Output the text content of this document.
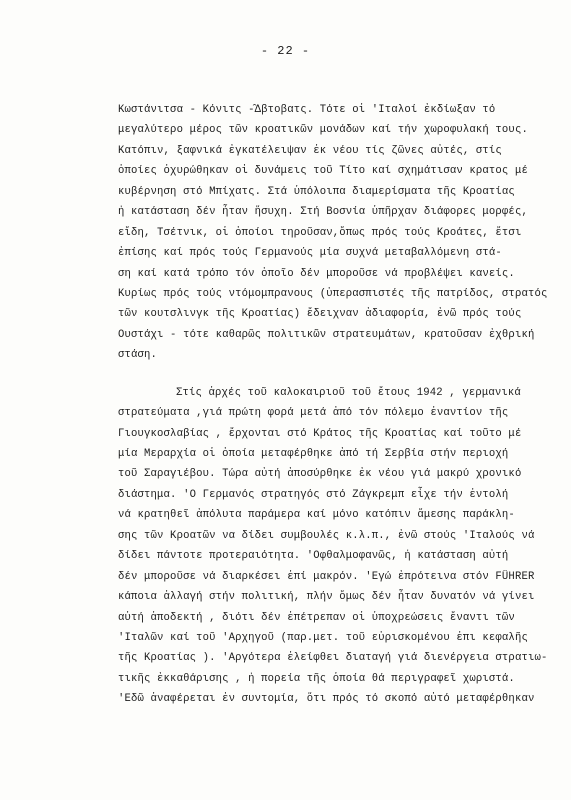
- 22 -
Κωστάνιτσα - Κόνιτς -̂Δβτοβατς. Τότε οἱ 'Ιταλοί ἐκδίωξαν τό
μεγαλύτερο μέρος τῶν κροατικῶν μονάδων καί τήν χωροφυλακή τους.
Κατόπιν, ξαφνικά ἐγκατέλειψαν ἐκ νέου τίς ζῶνες αὐτές, στίς
ὁποίες ὀχυρώθηκαν οἱ δυνάμεις τοῦ Τίτο καί σχημάτισαν κρατος μέ
κυβέρνηση στό Μπίχατς. Στά ὑπόλοιπα διαμερίσματα τῆς Κροατίας
ἡ κατάσταση δέν ἦταν ἥσυχη. Στή Βοσνία ὑπῆρχαν διάφορες μορφές,
εἴδη, Τσέτνικ, οἱ ὁποίοι τηροῦσαν,ὅπως πρός τούς Κροάτες, ἔτσι
ἐπίσης καί πρός τούς Γερμανούς μία συχνά μεταβαλλόμενη στά-
ση καί κατά τρόπο τόν ὁποῖο δέν μποροῦσε νά προβλέψει κανείς.
Κυρίως πρός τούς ντόμομπρανους (ὑπερασπιστές τῆς πατρίδος, στρατός
τῶν κουτσλινγκ τῆς Κροατίας) ἔδειχναν ἀδιαφορία, ἐνῶ πρός τούς
Ουστάχι - τότε καθαρῶς πολιτικῶν στρατευμάτων, κρατοῦσαν ἐχθρική
στάση.
Στίς ἀρχές τοῦ καλοκαιριοῦ τοῦ ἔτους 1942 , γερμανικά
στρατεύματα ,γιά πρώτη φορά μετά ἀπό τόν πόλεμο ἐναντίον τῆς
Γιουγκοσλαβίας , ἔρχονται στό Κράτος τῆς Κροατίας καί τοῦτο μέ
μία Μεραρχία οἱ ὁποία μεταφέρθηκε ἀπό τή Σερβία στήν περιοχή
τοῦ Σαραγιέβου. Τώρα αὐτή ἀποσύρθηκε ἐκ νέου γιά μακρύ χρονικό
διάστημα. 'Ο Γερμανός στρατηγός στό Ζάγκρεμπ εἶχε τήν ἐντολή
νά κρατηθεῖ ἀπόλυτα παράμερα καί μόνο κατόπιν ἄμεσης παράκλη-
σης τῶν Κροατῶν να δίδει συμβουλές κ.λ.π., ἐνῶ στούς 'Ιταλούς νά
δίδει πάντοτε προτεραιότητα. 'Οφθαλμοφανῶς, ἡ κατάσταση αὐτή
δέν μποροῦσε νά διαρκέσει ἐπί μακρόν. 'Εγώ ἐπρότεινα στόν FÜHRER
κάποια ἀλλαγή στήν πολιτική, πλήν ὅμως δέν ἦταν δυνατόν νά γίνει
αὐτή ἀποδεκτή , διότι δέν ἐπέτρεπαν οἱ ὑποχρεώσεις ἔναντι τῶν
'Ιταλῶν καί τοῦ 'Αρχηγοῦ (παρ.μετ. τοῦ εὑρισκομένου ἐπι κεφαλῆς
τῆς Κροατίας ). 'Αργότερα ἐλείφθει διαταγή γιά διενέργεια στρατιω-
τικῆς ἐκκαθάρισης , ἡ πορεία τῆς ὁποία θά περιγραφεῖ χωριστά.
'Εδῶ ἀναφέρεται ἐν συντομία, ὅτι πρός τό σκοπό αὐτό μεταφέρθηκαν
